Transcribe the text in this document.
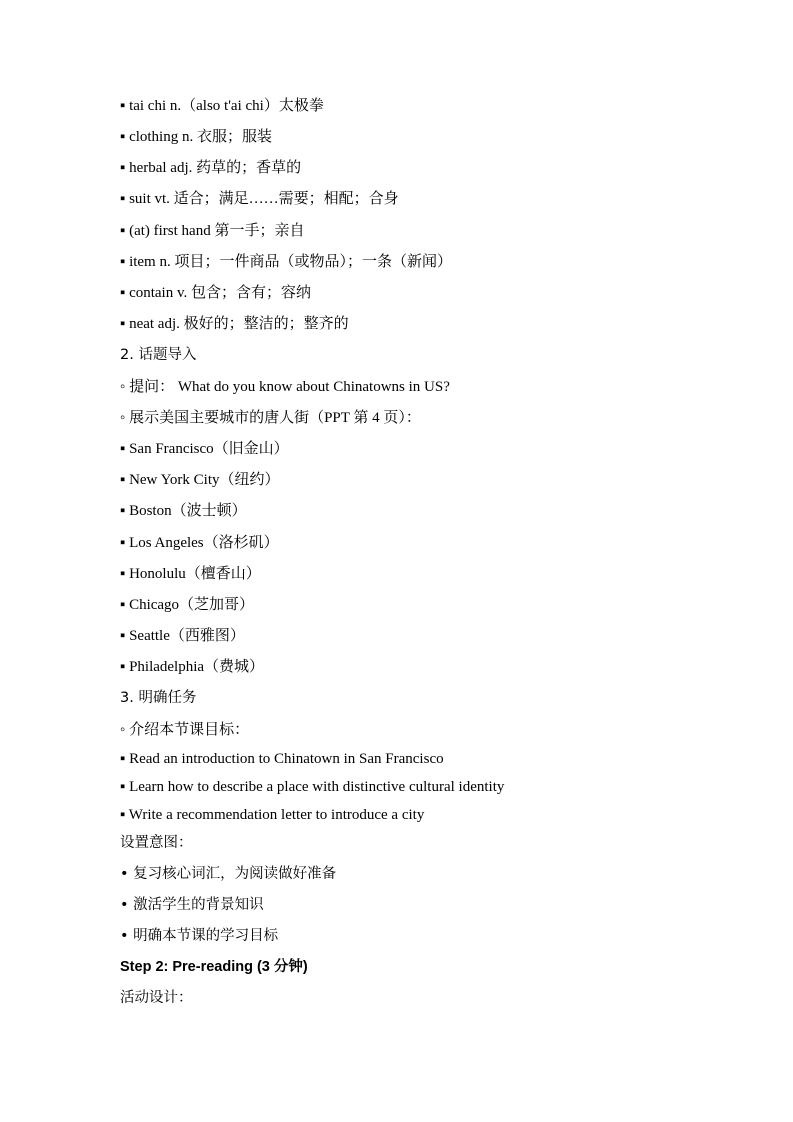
▪ tai chi n.（also t'ai chi）太极拳
▪ clothing n. 衣服；服装
▪ herbal adj. 药草的；香草的
▪ suit vt. 适合；满足……需要；相配；合身
▪ (at) first hand 第一手；亲自
▪ item n. 项目；一件商品（或物品）；一条（新闻）
▪ contain v. 包含；含有；容纳
▪ neat adj. 极好的；整洁的；整齐的
2. 话题导入
◦ 提问： What do you know about Chinatowns in US?
◦ 展示美国主要城市的唐人街（PPT 第 4 页）：
▪ San Francisco（旧金山）
▪ New York City（纽约）
▪ Boston（波士顿）
▪ Los Angeles（洛杉矶）
▪ Honolulu（檀香山）
▪ Chicago（芝加哥）
▪ Seattle（西雅图）
▪ Philadelphia（费城）
3. 明确任务
◦ 介绍本节课目标：
▪ Read an introduction to Chinatown in San Francisco
▪ Learn how to describe a place with distinctive cultural identity
▪ Write a recommendation letter to introduce a city
设置意图：
• 复习核心词汇，为阅读做好准备
• 激活学生的背景知识
• 明确本节课的学习目标
Step 2: Pre-reading (3 分钟)
活动设计：
